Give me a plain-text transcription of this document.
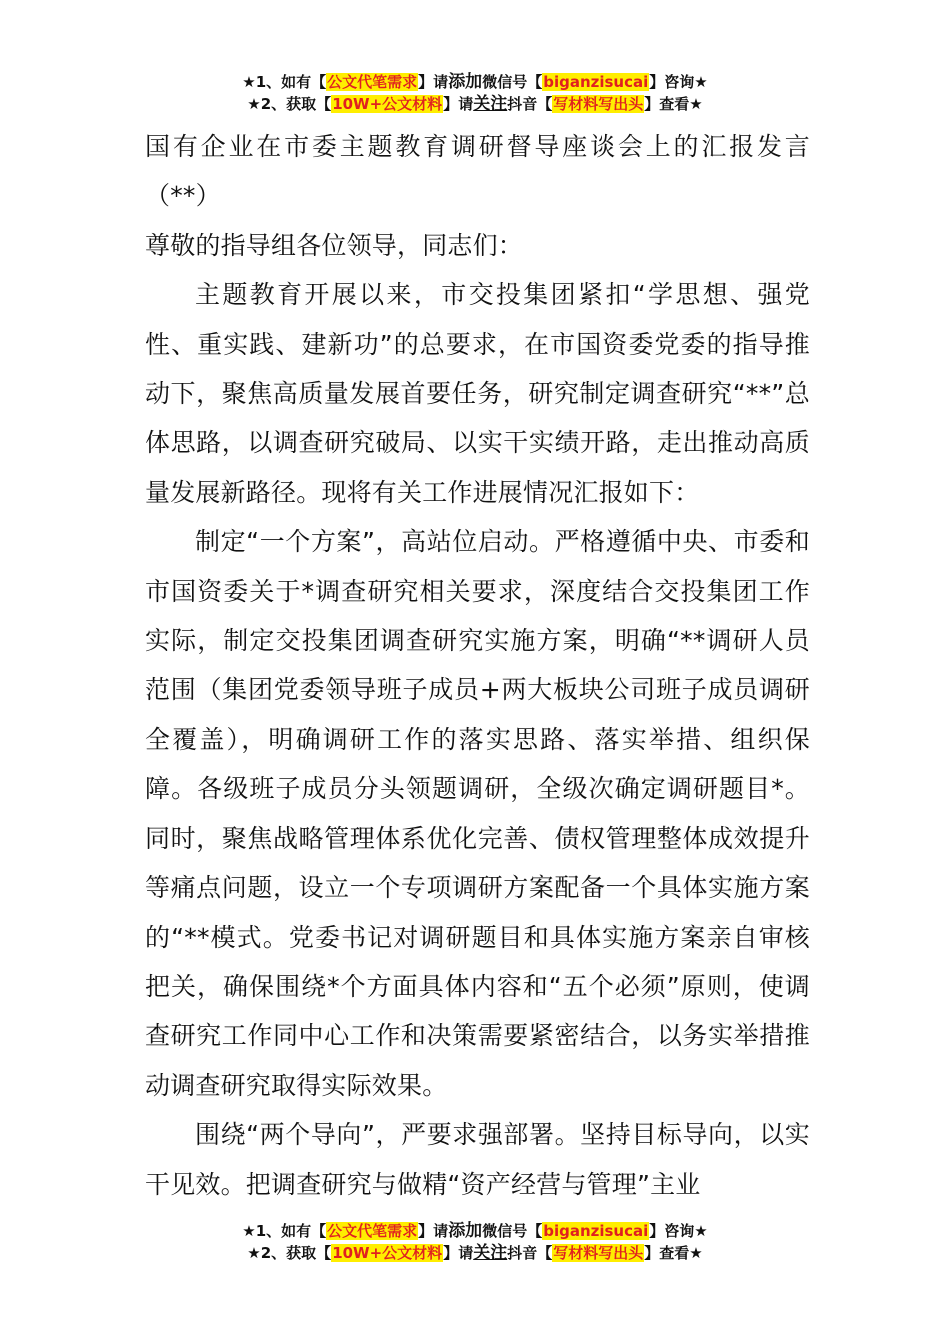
★1、如有【公文代笔需求】请添加微信号【biganzisucai】咨询★
★2、获取【10W+公文材料】请关注抖音【写材料写出头】查看★

国有企业在市委主题教育调研督导座谈会上的汇报发言（**）

尊敬的指导组各位领导，同志们：

主题教育开展以来，市交投集团紧扣“学思想、强党性、重实践、建新功”的总要求，在市国资委党委的指导推动下，聚焦高质量发展首要任务，研究制定调查研究“**”总体思路，以调查研究破局、以实干实绩开路，走出推动高质量发展新路径。现将有关工作进展情况汇报如下：

制定“一个方案”，高站位启动。严格遵循中央、市委和市国资委关于*调查研究相关要求，深度结合交投集团工作实际，制定交投集团调查研究实施方案，明确“**调研人员范围（集团党委领导班子成员+两大板块公司班子成员调研全覆盖），明确调研工作的落实思路、落实举措、组织保障。各级班子成员分头领题调研，全级次确定调研题目*。同时，聚焦战略管理体系优化完善、债权管理整体成效提升等痛点问题，设立一个专项调研方案配备一个具体实施方案的“**模式。党委书记对调研题目和具体实施方案亲自审核把关，确保围绕*个方面具体内容和“五个必须”原则，使调查研究工作同中心工作和决策需要紧密结合，以务实举措推动调查研究取得实际效果。

围绕“两个导向”，严要求强部署。坚持目标导向，以实干见效。把调查研究与做精“资产经营与管理”主业

★1、如有【公文代笔需求】请添加微信号【biganzisucai】咨询★
★2、获取【10W+公文材料】请关注抖音【写材料写出头】查看★
